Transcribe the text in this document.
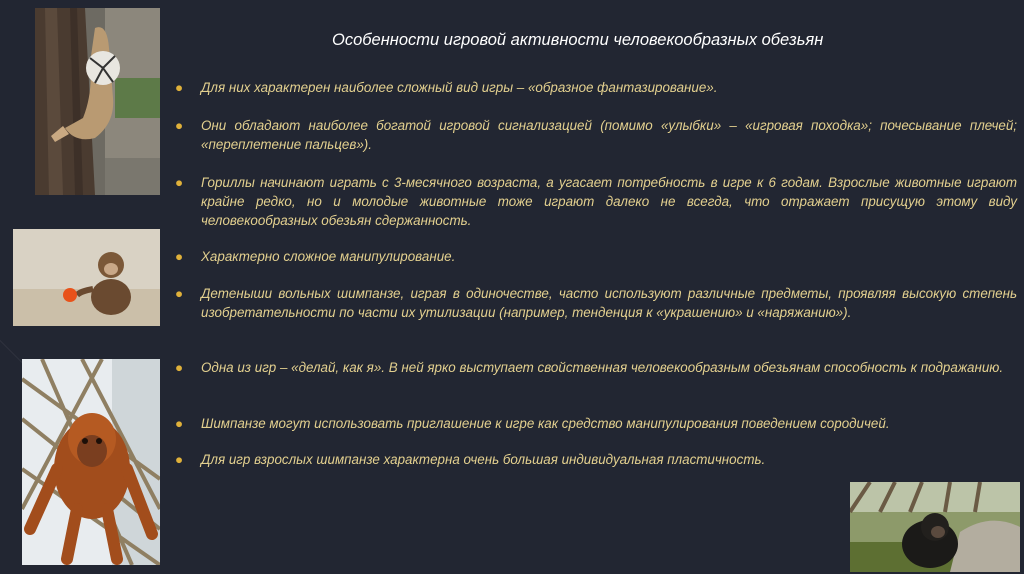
Особенности игровой активности человекообразных обезьян
● Для них характерен наиболее сложный вид игры – «образное фантазирование».
● Они обладают наиболее богатой игровой сигнализацией (помимо «улыбки» – «игровая походка»; почесывание плечей; «переплетение пальцев»).
● Гориллы начинают играть с 3-месячного возраста, а угасает потребность в игре к 6 годам. Взрослые животные играют крайне редко, но и молодые животные тоже играют далеко не всегда, что отражает присущую этому виду человекообразных обезьян сдержанность.
● Характерно сложное манипулирование.
● Детеныши вольных шимпанзе, играя в одиночестве, часто используют различные предметы, проявляя высокую степень изобретательности по части их утилизации (например, тенденция к «украшению» и «наряжанию»).
● Одна из игр – «делай, как я». В ней ярко выступает свойственная человекообразным обезьянам способность к подражанию.
● Шимпанзе могут использовать приглашение к игре как средство манипулирования поведением сородичей.
● Для игр взрослых шимпанзе характерна очень большая индивидуальная пластичность.
